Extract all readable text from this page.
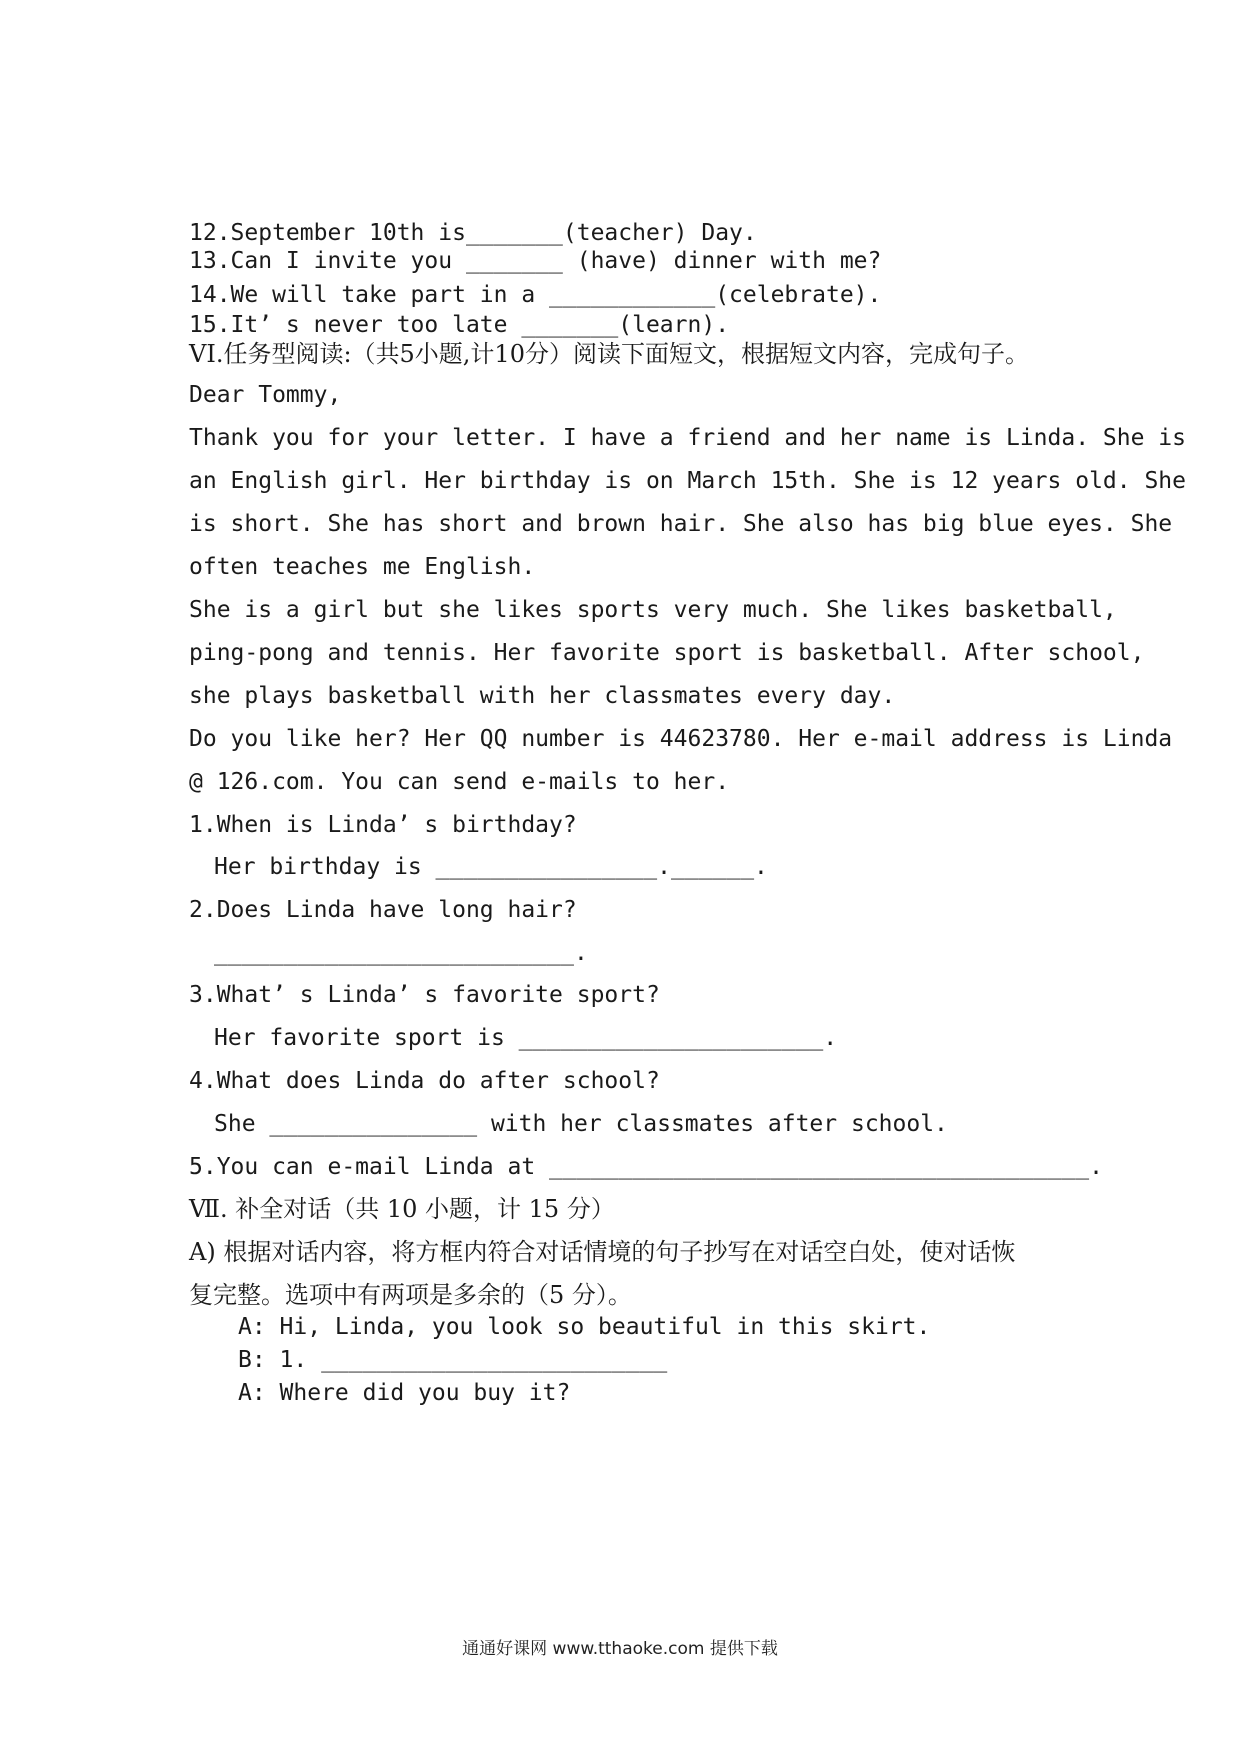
12.September 10th is_______(teacher) Day.
13.Can I invite you _______ (have) dinner with me?
14.We will take part in a ____________(celebrate).
15.It’ s never too late _______(learn).
VI.任务型阅读:（共5小题,计10分）阅读下面短文，根据短文内容，完成句子。
Dear Tommy,
Thank you for your letter. I have a friend and her name is Linda. She is
an English girl. Her birthday is on March 15th. She is 12 years old. She
is short. She has short and brown hair. She also has big blue eyes. She
often teaches me English.
She is a girl but she likes sports very much. She likes basketball,
ping-pong and tennis. Her favorite sport is basketball. After school,
she plays basketball with her classmates every day.
Do you like her? Her QQ number is 44623780. Her e-mail address is Linda
@ 126.com. You can send e-mails to her.
1.When is Linda’ s birthday?
Her birthday is ________________.______.
2.Does Linda have long hair?
__________________________.
3.What’ s Linda’ s favorite sport?
Her favorite sport is ______________________.
4.What does Linda do after school?
She _______________ with her classmates after school.
5.You can e-mail Linda at _______________________________________.
Ⅶ. 补全对话（共 10 小题，计 15 分）
A) 根据对话内容，将方框内符合对话情境的句子抄写在对话空白处，使对话恢
复完整。选项中有两项是多余的（5 分）。
A: Hi, Linda, you look so beautiful in this skirt.
B: 1. _________________________
A: Where did you buy it?
通通好课网 www.tthaoke.com 提供下载
